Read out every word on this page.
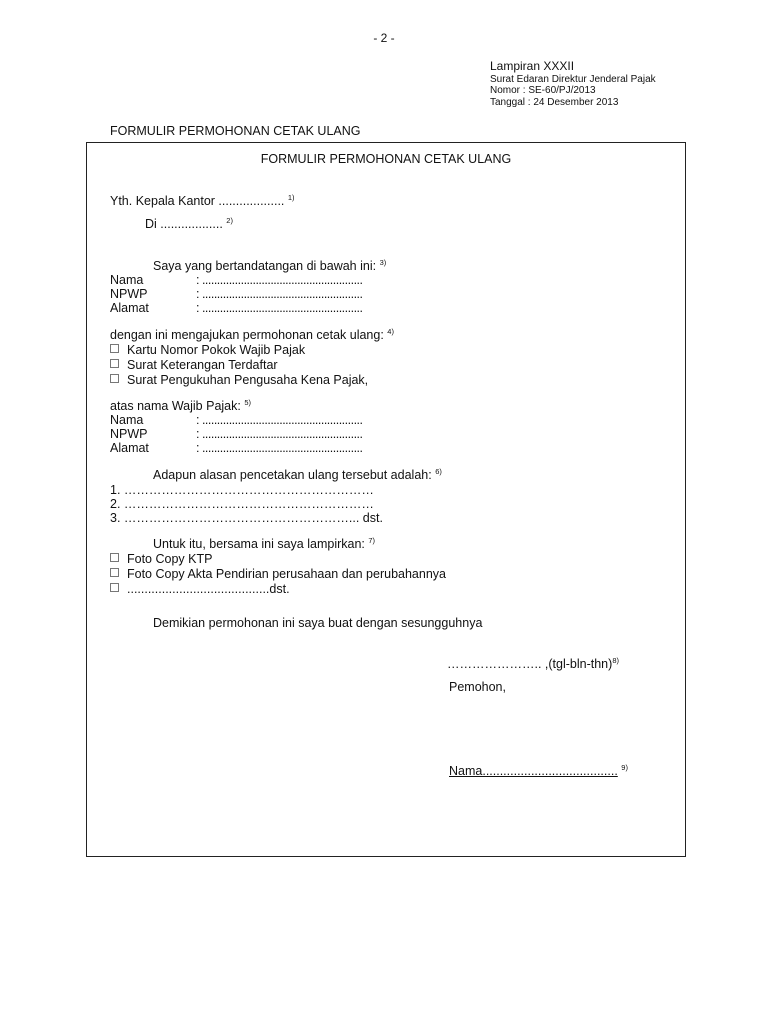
- 2 -
Lampiran XXXII
Surat Edaran Direktur Jenderal Pajak
Nomor : SE-60/PJ/2013
Tanggal : 24 Desember 2013
FORMULIR PERMOHONAN CETAK ULANG
FORMULIR PERMOHONAN CETAK ULANG
Yth. Kepala Kantor ................... $^{1)}$
Di .................. $^{2)}$
Saya yang bertandatangan di bawah ini: $^{3)}$
Nama	: ......................................................
NPWP	: ......................................................
Alamat	: ......................................................
dengan ini mengajukan permohonan cetak ulang: $^{4)}$
Kartu Nomor Pokok Wajib Pajak
Surat Keterangan Terdaftar
Surat Pengukuhan Pengusaha Kena Pajak,
atas nama Wajib Pajak: $^{5)}$
Nama	: ......................................................
NPWP	: ......................................................
Alamat	: ......................................................
Adapun alasan pencetakan ulang tersebut adalah: $^{6)}$
1. ……………………………………………………
2. ……………………………………………………
3. ………………………………………………... dst.
Untuk itu, bersama ini saya lampirkan: $^{7)}$
Foto Copy KTP
Foto Copy Akta Pendirian perusahaan dan perubahannya
.........................................dst.
Demikian permohonan ini saya buat dengan sesungguhnya
………………….. $,(tgl-bln-thn)^{8)}$
Pemohon,
Nama....................................... $^{9)}$
